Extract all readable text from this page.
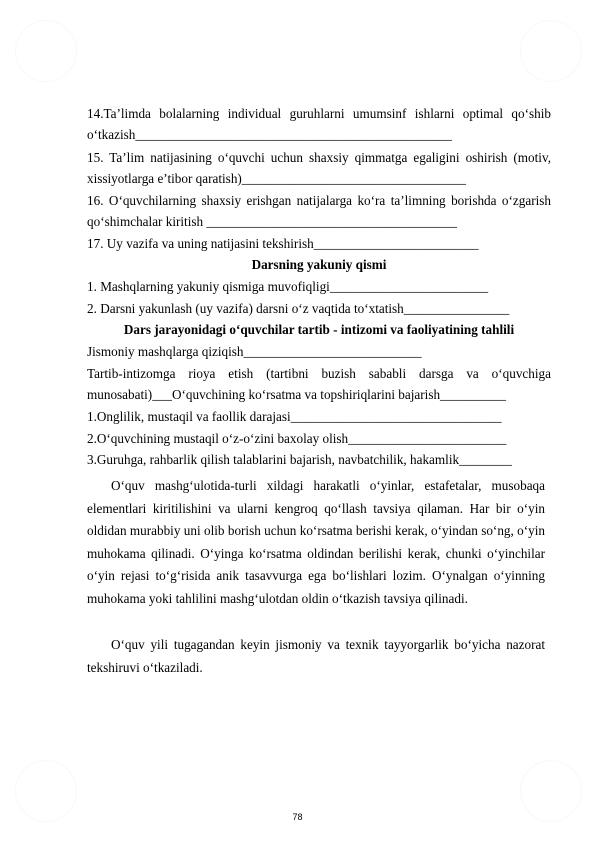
14.Ta’limda bolalarning individual guruhlarni umumsinf ishlarni optimal qo‘shib o‘tkazish________________________________________________

15. Ta’lim natijasining o‘quvchi uchun shaxsiy qimmatga egaligini oshirish (motiv, xissiyotlarga e’tibor qaratish)__________________________________

16. O‘quvchilarning shaxsiy erishgan natijalarga ko‘ra ta’limning borishda o‘zgarish qo‘shimchalar kiritish ______________________________________

17. Uy vazifa va uning natijasini tekshirish_________________________

Darsning yakuniy qismi

1. Mashqlarning yakuniy qismiga muvofiqligi________________________

2. Darsni yakunlash (uy vazifa) darsni o‘z vaqtida to‘xtatish________________

Dars jarayonidagi o‘quvchilar tartib - intizomi va faoliyatining tahlili

Jismoniy mashqlarga qiziqish___________________________

Tartib-intizomga rioya etish (tartibni buzish sababli darsga va o‘quvchiga munosabati)___O‘quvchining ko‘rsatma va topshiriqlarini bajarish__________

1.Onglilik, mustaqil va faollik darajasi________________________________

2.O‘quvchining mustaqil o‘z-o‘zini baxolay olish________________________

3.Guruhga, rahbarlik qilish talablarini bajarish, navbatchilik, hakamlik________

O‘quv mashg‘ulotida-turli xildagi harakatli o‘yinlar, estafetalar, musobaqa elementlari kiritilishini va ularni kengroq qo‘llash tavsiya qilaman. Har bir o‘yin oldidan murabbiy uni olib borish uchun ko‘rsatma berishi kerak, o‘yindan so‘ng, o‘yin muhokama qilinadi. O‘yinga ko‘rsatma oldindan berilishi kerak, chunki o‘yinchilar o‘yin rejasi to‘g‘risida anik tasavvurga ega bo‘lishlari lozim. O‘ynalgan o‘yinning muhokama yoki tahlilini mashg‘ulotdan oldin o‘tkazish tavsiya qilinadi.

O‘quv yili tugagandan keyin jismoniy va texnik tayyorgarlik bo‘yicha nazorat tekshiruvi o‘tkaziladi.

78
